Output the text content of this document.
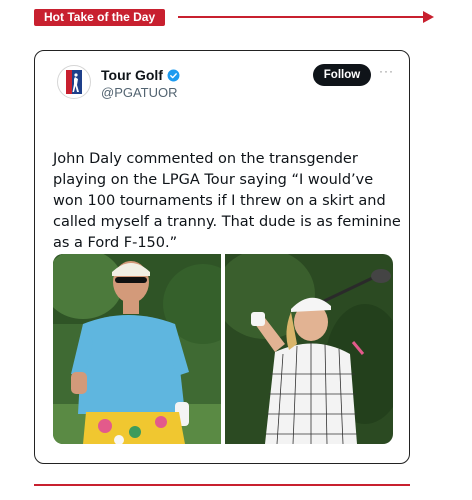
Hot Take of the Day
Tour Golf
@PGATUOR
Follow	···

John Daly commented on the transgender playing on the LPGA Tour saying “I would’ve won 100 tournaments if I threw on a skirt and called myself a tranny. That dude is as feminine as a Ford F-150.”
